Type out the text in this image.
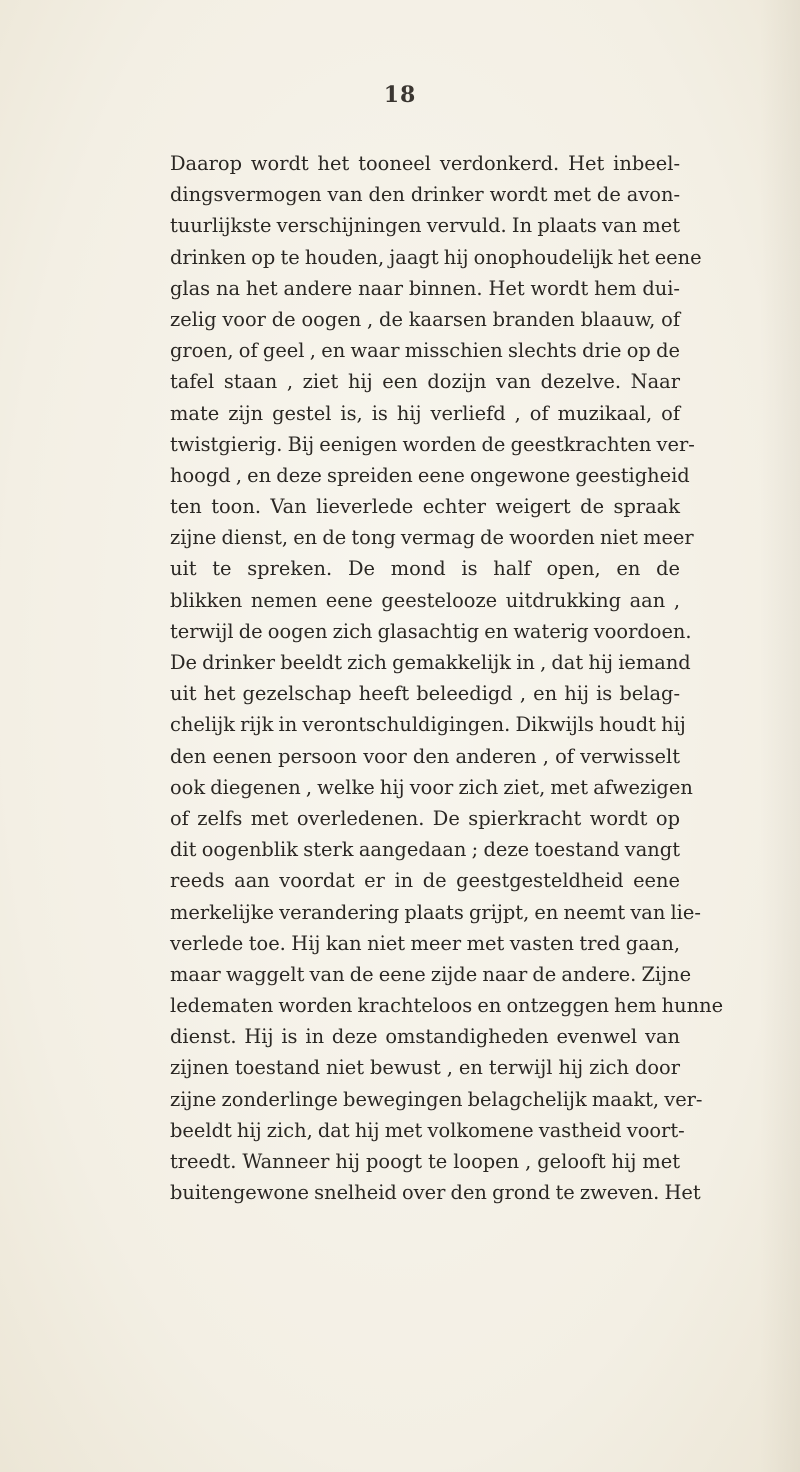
18
Daarop wordt het tooneel verdonkerd. Het inbeel-
dingsvermogen van den drinker wordt met de avon-
tuurlijkste verschijningen vervuld. In plaats van met
drinken op te houden, jaagt hij onophoudelijk het eene
glas na het andere naar binnen. Het wordt hem dui-
zelig voor de oogen , de kaarsen branden blaauw, of
groen, of geel , en waar misschien slechts drie op de
tafel staan , ziet hij een dozijn van dezelve. Naar
mate zijn gestel is, is hij verliefd , of muzikaal, of
twistgierig. Bij eenigen worden de geestkrachten ver-
hoogd , en deze spreiden eene ongewone geestigheid
ten toon. Van lieverlede echter weigert de spraak
zijne dienst, en de tong vermag de woorden niet meer
uit te spreken. De mond is half open, en de
blikken nemen eene geestelooze uitdrukking aan ,
terwijl de oogen zich glasachtig en waterig voordoen.
De drinker beeldt zich gemakkelijk in , dat hij iemand
uit het gezelschap heeft beleedigd , en hij is belag-
chelijk rijk in verontschuldigingen. Dikwijls houdt hij
den eenen persoon voor den anderen , of verwisselt
ook diegenen , welke hij voor zich ziet, met afwezigen
of zelfs met overledenen. De spierkracht wordt op
dit oogenblik sterk aangedaan ; deze toestand vangt
reeds aan voordat er in de geestgesteldheid eene
merkelijke verandering plaats grijpt, en neemt van lie-
verlede toe. Hij kan niet meer met vasten tred gaan,
maar waggelt van de eene zijde naar de andere. Zijne
ledematen worden krachteloos en ontzeggen hem hunne
dienst. Hij is in deze omstandigheden evenwel van
zijnen toestand niet bewust , en terwijl hij zich door
zijne zonderlinge bewegingen belagchelijk maakt, ver-
beeldt hij zich, dat hij met volkomene vastheid voort-
treedt. Wanneer hij poogt te loopen , gelooft hij met
buitengewone snelheid over den grond te zweven. Het
